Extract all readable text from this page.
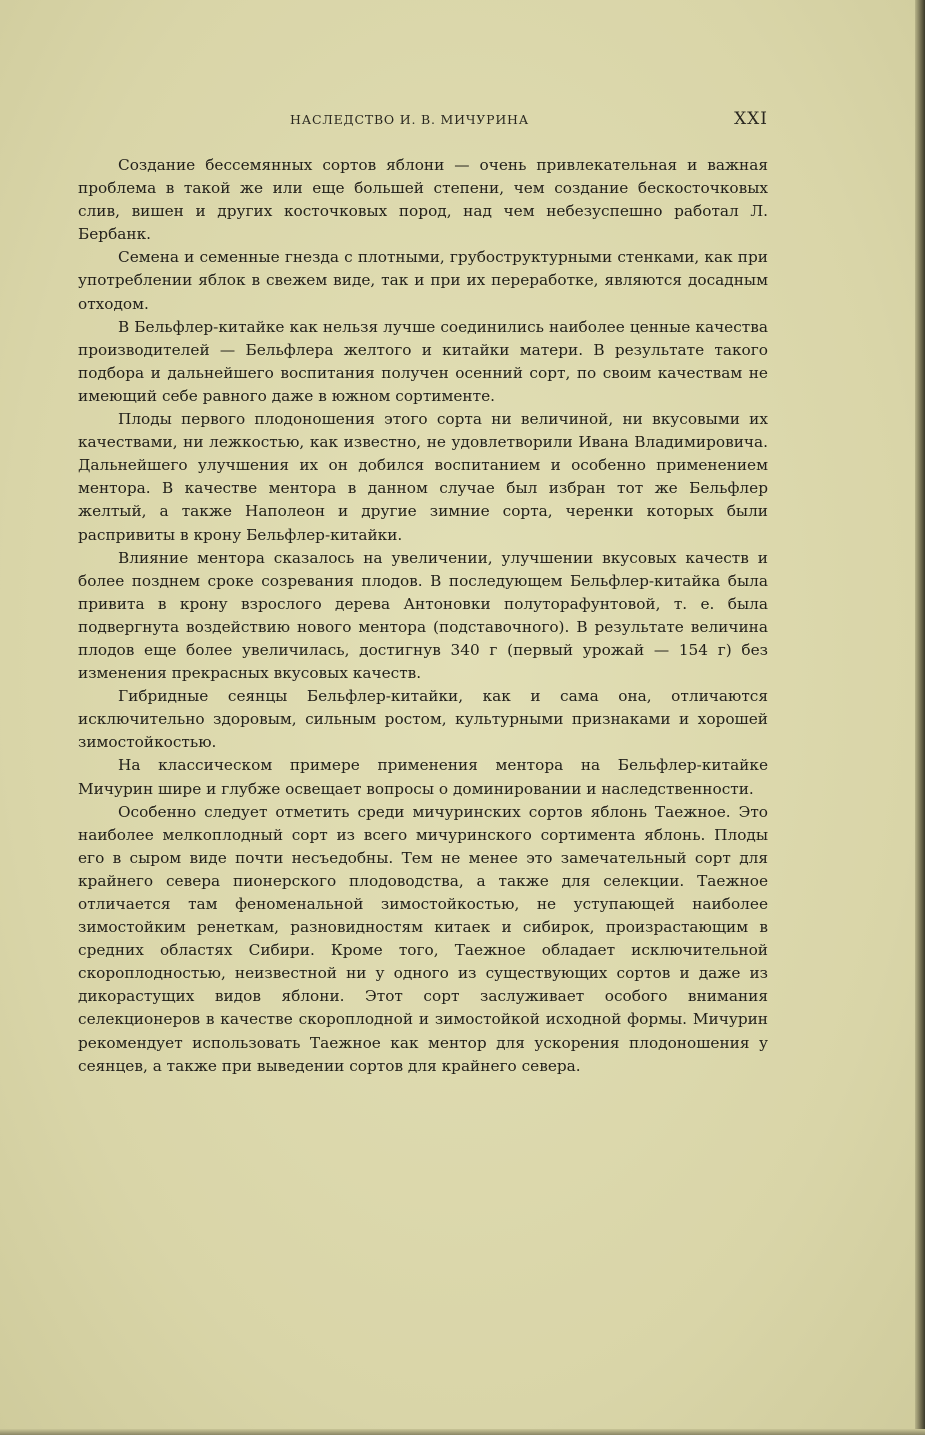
НАСЛЕДСТВО И. В. МИЧУРИНА	XXI

Создание бессемянных сортов яблони — очень привлекательная и важная проблема в такой же или еще большей степени, чем создание бескосточковых слив, вишен и других косточковых пород, над чем небезуспешно работал Л. Бербанк.

Семена и семенные гнезда с плотными, грубоструктурными стенками, как при употреблении яблок в свежем виде, так и при их переработке, являются досадным отходом.

В Бельфлер-китайке как нельзя лучше соединились наиболее ценные качества производителей — Бельфлера желтого и китайки матери. В результате такого подбора и дальнейшего воспитания получен осенний сорт, по своим качествам не имеющий себе равного даже в южном сортименте.

Плоды первого плодоношения этого сорта ни величиной, ни вкусовыми их качествами, ни лежкостью, как известно, не удовлетворили Ивана Владимировича. Дальнейшего улучшения их он добился воспитанием и особенно применением ментора. В качестве ментора в данном случае был избран тот же Бельфлер желтый, а также Наполеон и другие зимние сорта, черенки которых были распривиты в крону Бельфлер-китайки.

Влияние ментора сказалось на увеличении, улучшении вкусовых качеств и более позднем сроке созревания плодов. В последующем Бельфлер-китайка была привита в крону взрослого дерева Антоновки полуторафунтовой, т. е. была подвергнута воздействию нового ментора (подставочного). В результате величина плодов еще более увеличилась, достигнув 340 г (первый урожай — 154 г) без изменения прекрасных вкусовых качеств.

Гибридные сеянцы Бельфлер-китайки, как и сама она, отличаются исключительно здоровым, сильным ростом, культурными признаками и хорошей зимостойкостью.

На классическом примере применения ментора на Бельфлер-китайке Мичурин шире и глубже освещает вопросы о доминировании и наследственности.

Особенно следует отметить среди мичуринских сортов яблонь Таежное. Это наиболее мелкоплодный сорт из всего мичуринского сортимента яблонь. Плоды его в сыром виде почти несъедобны. Тем не менее это замечательный сорт для крайнего севера пионерского плодоводства, а также для селекции. Таежное отличается там феноменальной зимостойкостью, не уступающей наиболее зимостойким ренеткам, разновидностям китаек и сибирок, произрастающим в средних областях Сибири. Кроме того, Таежное обладает исключительной скороплодностью, неизвестной ни у одного из существующих сортов и даже из дикорастущих видов яблони. Этот сорт заслуживает особого внимания селекционеров в качестве скороплодной и зимостойкой исходной формы. Мичурин рекомендует использовать Таежное как ментор для ускорения плодоношения у сеянцев, а также при выведении сортов для крайнего севера.
